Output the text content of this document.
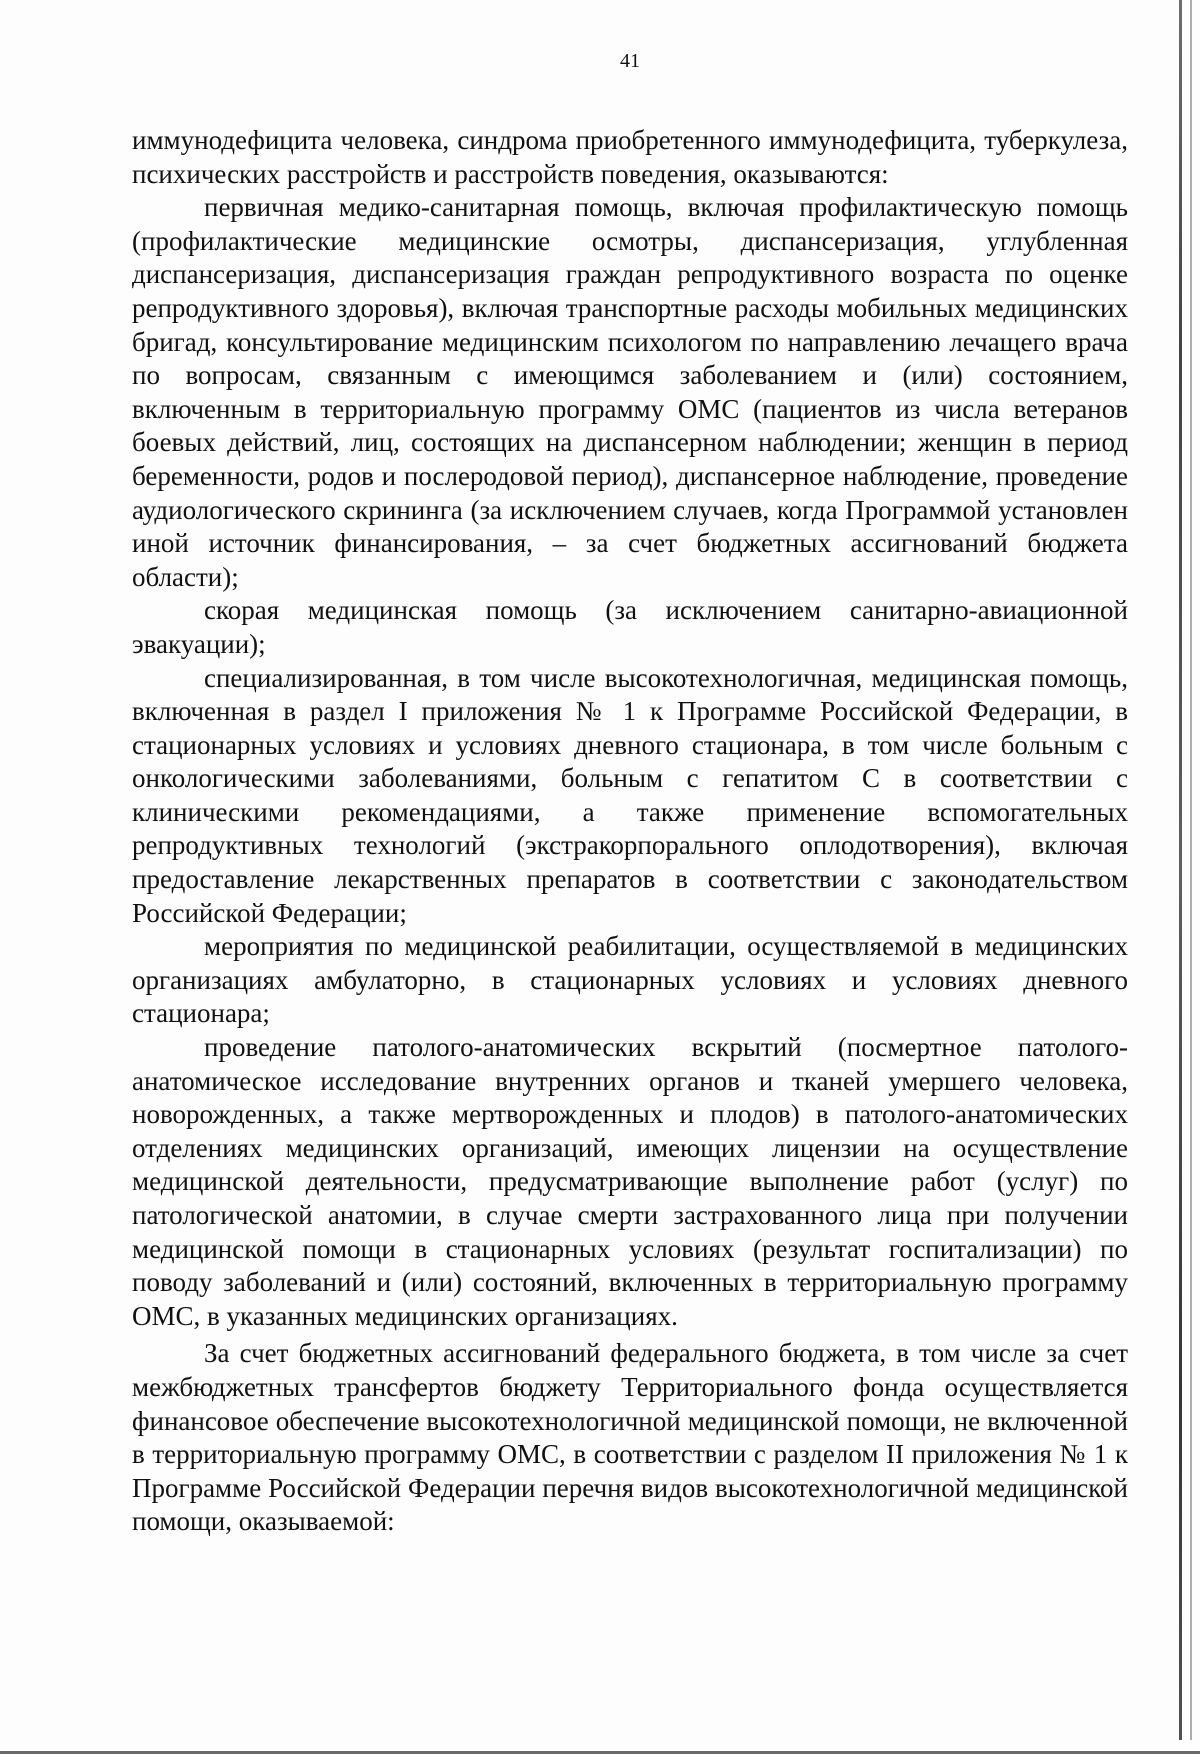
41

иммунодефицита человека, синдрома приобретенного иммунодефицита, туберкулеза, психических расстройств и расстройств поведения, оказываются:

первичная медико-санитарная помощь, включая профилактическую помощь (профилактические медицинские осмотры, диспансеризация, углубленная диспансеризация, диспансеризация граждан репродуктивного возраста по оценке репродуктивного здоровья), включая транспортные расходы мобильных медицинских бригад, консультирование медицинским психологом по направлению лечащего врача по вопросам, связанным с имеющимся заболеванием и (или) состоянием, включенным в территориальную программу ОМС (пациентов из числа ветеранов боевых действий, лиц, состоящих на диспансерном наблюдении; женщин в период беременности, родов и послеродовой период), диспансерное наблюдение, проведение аудиологического скрининга (за исключением случаев, когда Программой установлен иной источник финансирования, – за счет бюджетных ассигнований бюджета области);

скорая медицинская помощь (за исключением санитарно-авиационной эвакуации);

специализированная, в том числе высокотехнологичная, медицинская помощь, включенная в раздел I приложения № 1 к Программе Российской Федерации, в стационарных условиях и условиях дневного стационара, в том числе больным с онкологическими заболеваниями, больным с гепатитом С в соответствии с клиническими рекомендациями, а также применение вспомогательных репродуктивных технологий (экстракорпорального оплодотворения), включая предоставление лекарственных препаратов в соответствии с законодательством Российской Федерации;

мероприятия по медицинской реабилитации, осуществляемой в медицинских организациях амбулаторно, в стационарных условиях и условиях дневного стационара;

проведение патолого-анатомических вскрытий (посмертное патолого-анатомическое исследование внутренних органов и тканей умершего человека, новорожденных, а также мертворожденных и плодов) в патолого-анатомических отделениях медицинских организаций, имеющих лицензии на осуществление медицинской деятельности, предусматривающие выполнение работ (услуг) по патологической анатомии, в случае смерти застрахованного лица при получении медицинской помощи в стационарных условиях (результат госпитализации) по поводу заболеваний и (или) состояний, включенных в территориальную программу ОМС, в указанных медицинских организациях.

За счет бюджетных ассигнований федерального бюджета, в том числе за счет межбюджетных трансфертов бюджету Территориального фонда осуществляется финансовое обеспечение высокотехнологичной медицинской помощи, не включенной в территориальную программу ОМС, в соответствии с разделом II приложения № 1 к Программе Российской Федерации перечня видов высокотехнологичной медицинской помощи, оказываемой:
